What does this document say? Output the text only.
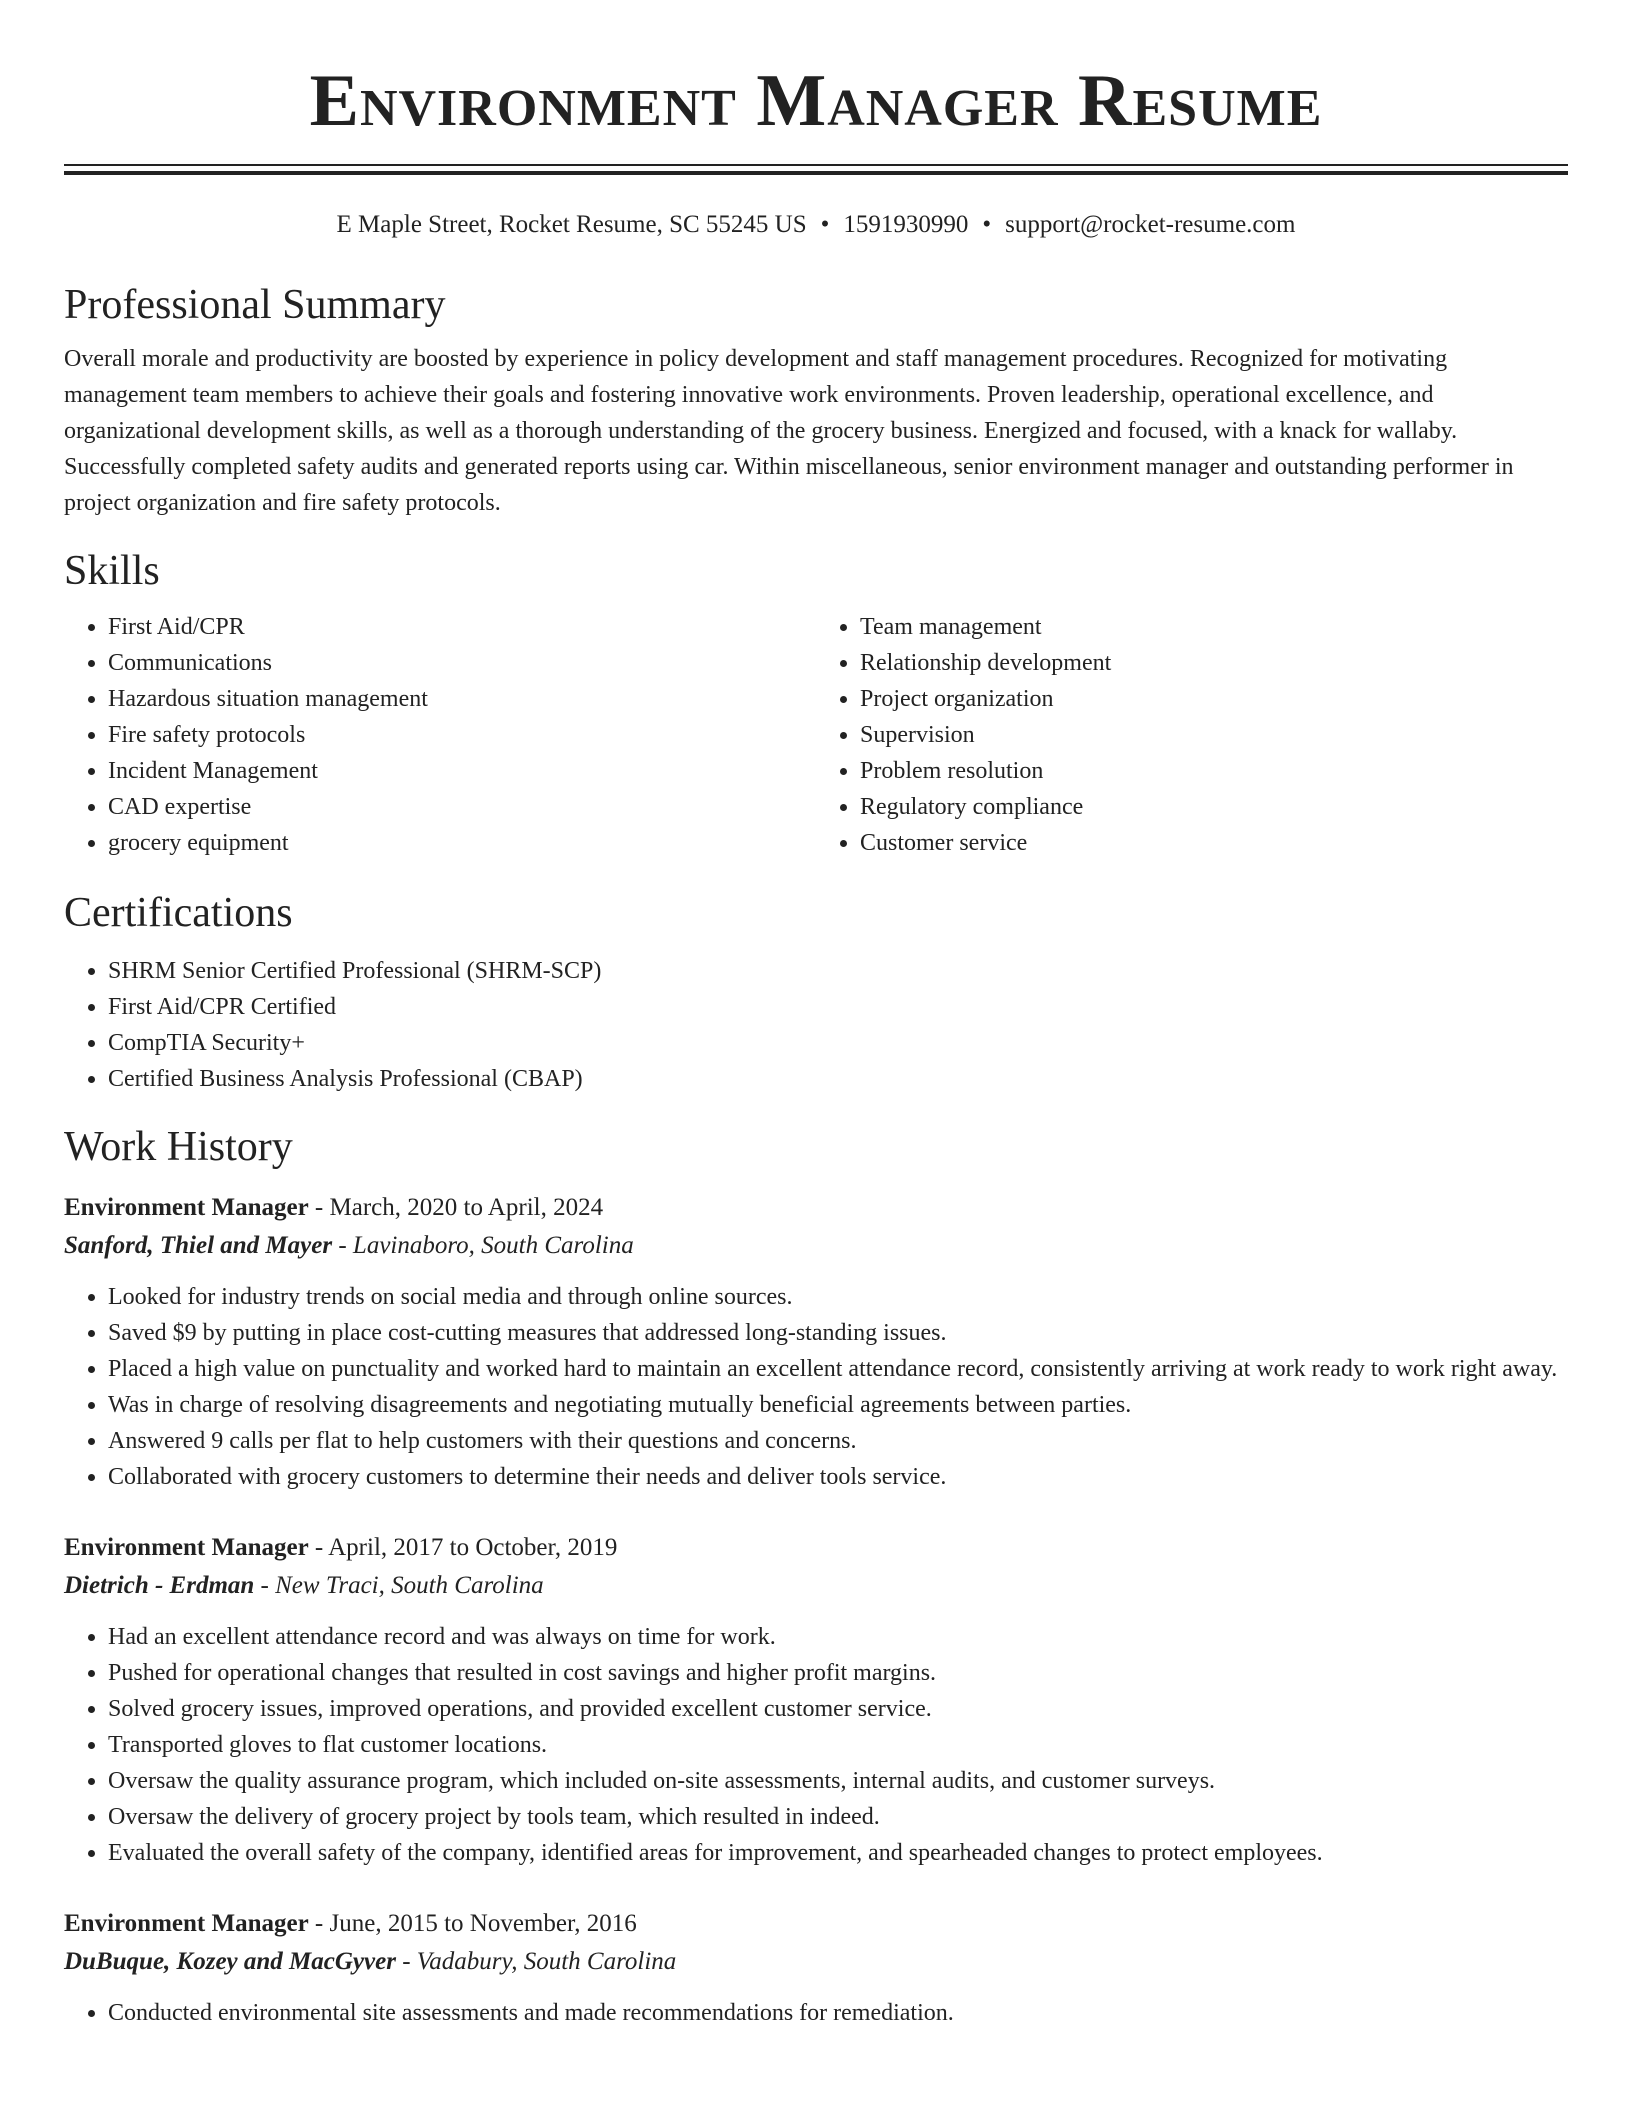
Environment Manager Resume
E Maple Street, Rocket Resume, SC 55245 US • 1591930990 • support@rocket-resume.com
Professional Summary

Overall morale and productivity are boosted by experience in policy development and staff management procedures. Recognized for motivating management team members to achieve their goals and fostering innovative work environments. Proven leadership, operational excellence, and organizational development skills, as well as a thorough understanding of the grocery business. Energized and focused, with a knack for wallaby. Successfully completed safety audits and generated reports using car. Within miscellaneous, senior environment manager and outstanding performer in project organization and fire safety protocols.

Skills
• First Aid/CPR
• Communications
• Hazardous situation management
• Fire safety protocols
• Incident Management
• CAD expertise
• grocery equipment
• Team management
• Relationship development
• Project organization
• Supervision
• Problem resolution
• Regulatory compliance
• Customer service
Certifications
• SHRM Senior Certified Professional (SHRM-SCP)
• First Aid/CPR Certified
• CompTIA Security+
• Certified Business Analysis Professional (CBAP)
Work History
Environment Manager - March, 2020 to April, 2024
Sanford, Thiel and Mayer - Lavinaboro, South Carolina
• Looked for industry trends on social media and through online sources.
• Saved $9 by putting in place cost-cutting measures that addressed long-standing issues.
• Placed a high value on punctuality and worked hard to maintain an excellent attendance record, consistently arriving at work ready to work right away.
• Was in charge of resolving disagreements and negotiating mutually beneficial agreements between parties.
• Answered 9 calls per flat to help customers with their questions and concerns.
• Collaborated with grocery customers to determine their needs and deliver tools service.
Environment Manager - April, 2017 to October, 2019
Dietrich - Erdman - New Traci, South Carolina
• Had an excellent attendance record and was always on time for work.
• Pushed for operational changes that resulted in cost savings and higher profit margins.
• Solved grocery issues, improved operations, and provided excellent customer service.
• Transported gloves to flat customer locations.
• Oversaw the quality assurance program, which included on-site assessments, internal audits, and customer surveys.
• Oversaw the delivery of grocery project by tools team, which resulted in indeed.
• Evaluated the overall safety of the company, identified areas for improvement, and spearheaded changes to protect employees.
Environment Manager - June, 2015 to November, 2016
DuBuque, Kozey and MacGyver - Vadabury, South Carolina
• Conducted environmental site assessments and made recommendations for remediation.
